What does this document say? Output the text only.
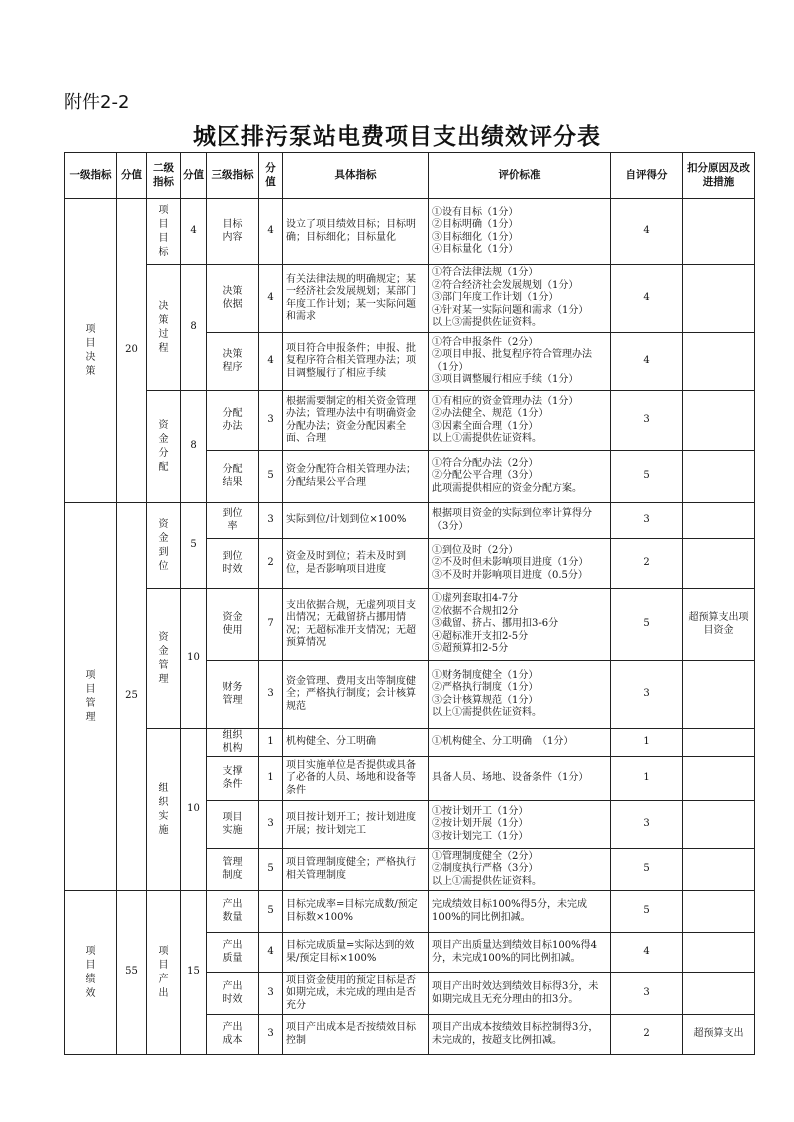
附件2-2
城区排污泵站电费项目支出绩效评分表
一级指标	分值	二级指标	分值	三级指标	分值	具体指标	评价标准	自评得分	扣分原因及改进措施
项目决策	20	项目目标	4	目标内容	4	设立了项目绩效目标；目标明确；目标细化；目标量化	①设有目标（1分）
②目标明确（1分）
③目标细化（1分）
④目标量化（1分）	4	
		决策过程	8	决策依据	4	有关法律法规的明确规定；某一经济社会发展规划；某部门年度工作计划；某一实际问题和需求	①符合法律法规（1分）
②符合经济社会发展规划（1分）
③部门年度工作计划（1分）
④针对某一实际问题和需求（1分）
以上③需提供佐证资料。	4	
				决策程序	4	项目符合申报条件；申报、批复程序符合相关管理办法；项目调整履行了相应手续	①符合申报条件（2分）
②项目申报、批复程序符合管理办法（1分）
③项目调整履行相应手续（1分）	4	
		资金分配	8	分配办法	3	根据需要制定的相关资金管理办法；管理办法中有明确资金分配办法；资金分配因素全面、合理	①有相应的资金管理办法（1分）
②办法健全、规范（1分）
③因素全面合理（1分）
以上①需提供佐证资料。	3	
				分配结果	5	资金分配符合相关管理办法；分配结果公平合理	①符合分配办法（2分）
②分配公平合理（3分）
此项需提供相应的资金分配方案。	5	
项目管理	25	资金到位	5	到位率	3	实际到位/计划到位×100%	根据项目资金的实际到位率计算得分（3分）	3	
				到位时效	2	资金及时到位；若未及时到位，是否影响项目进度	①到位及时（2分）
②不及时但未影响项目进度（1分）
③不及时并影响项目进度（0.5分）	2	
		资金管理	10	资金使用	7	支出依据合规，无虚列项目支出情况；无截留挤占挪用情况；无超标准开支情况；无超预算情况	①虚列套取扣4-7分
②依据不合规扣2分
③截留、挤占、挪用扣3-6分
④超标准开支扣2-5分
⑤超预算扣2-5分	5	超预算支出项目资金
				财务管理	3	资金管理、费用支出等制度健全；严格执行制度；会计核算规范	①财务制度健全（1分）
②严格执行制度（1分）
③会计核算规范（1分）
以上①需提供佐证资料。	3	
		组织实施	10	组织机构	1	机构健全、分工明确	①机构健全、分工明确　（1分）	1	
				支撑条件	1	项目实施单位是否提供或具备了必备的人员、场地和设备等条件	具备人员、场地、设备条件（1分）	1	
				项目实施	3	项目按计划开工；按计划进度开展；按计划完工	①按计划开工（1分）
②按计划开展（1分）
③按计划完工（1分）	3	
				管理制度	5	项目管理制度健全；严格执行相关管理制度	①管理制度健全（2分）
②制度执行严格（3分）
以上①需提供佐证资料。	5	
项目绩效	55	项目产出	15	产出数量	5	目标完成率=目标完成数/预定目标数×100%	完成绩效目标100%得5分，未完成100%的同比例扣减。	5	
				产出质量	4	目标完成质量=实际达到的效果/预定目标×100%	项目产出质量达到绩效目标100%得4分，未完成100%的同比例扣减。	4	
				产出时效	3	项目资金使用的预定目标是否如期完成，未完成的理由是否充分	项目产出时效达到绩效目标得3分，未如期完成且无充分理由的扣3分。	3	
				产出成本	3	项目产出成本是否按绩效目标控制	项目产出成本按绩效目标控制得3分，未完成的，按超支比例扣减。	2	超预算支出
